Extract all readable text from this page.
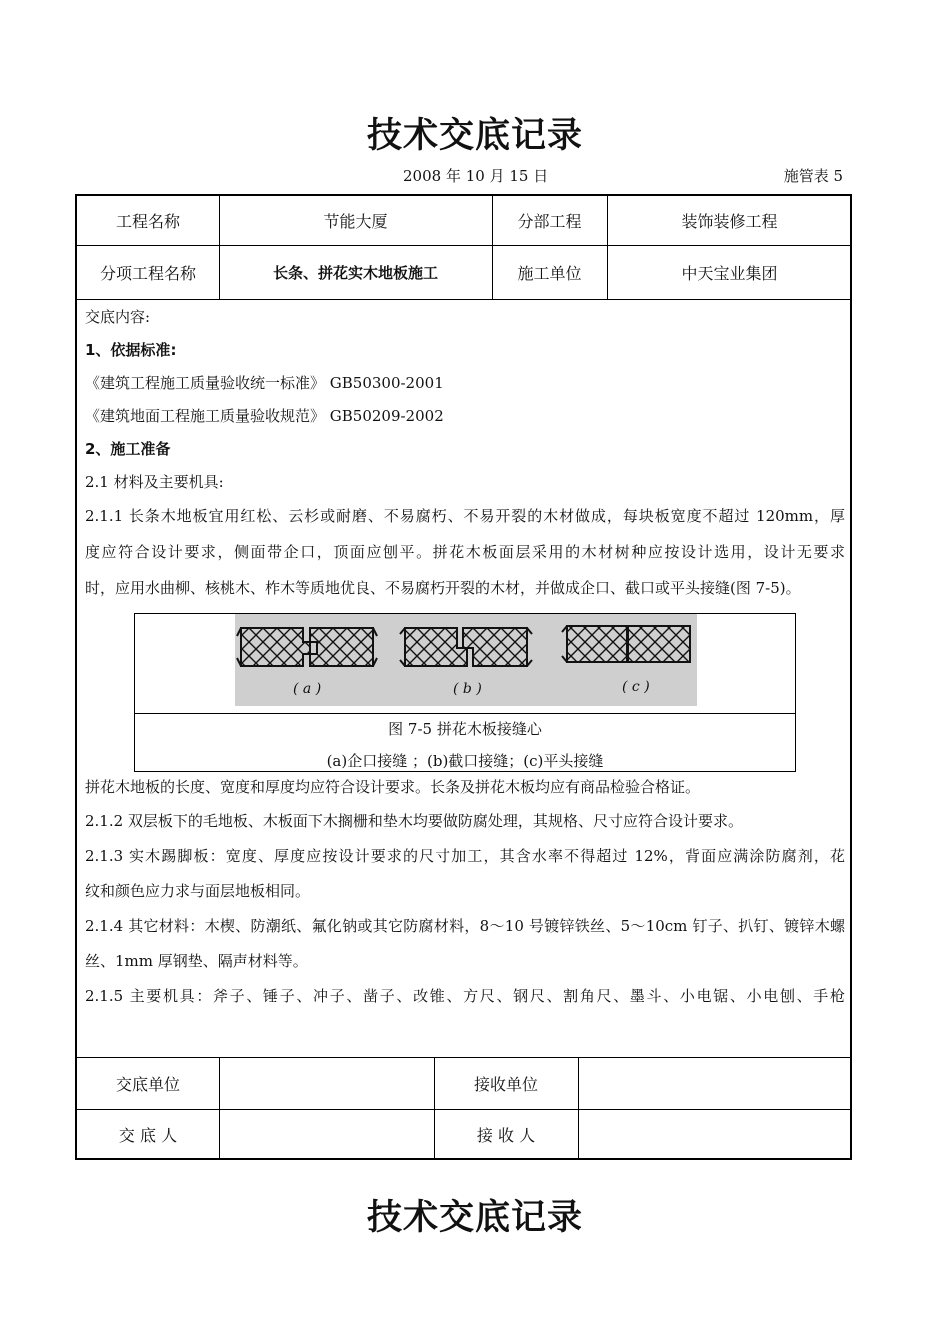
技术交底记录
2008 年 10 月 15 日	施管表 5
工程名称	节能大厦	分部工程	装饰装修工程
分项工程名称	长条、拼花实木地板施工	施工单位	中天宝业集团
交底内容:
1、依据标准:
《建筑工程施工质量验收统一标准》 GB50300-2001
《建筑地面工程施工质量验收规范》 GB50209-2002
2、施工准备
2.1 材料及主要机具:
2.1.1 长条木地板宜用红松、云杉或耐磨、不易腐朽、不易开裂的木材做成，每块板宽度不超过 120mm，厚
度应符合设计要求，侧面带企口，顶面应刨平。拼花木板面层采用的木材树种应按设计选用，设计无要求
时，应用水曲柳、核桃木、柞木等质地优良、不易腐朽开裂的木材，并做成企口、截口或平头接缝(图 7-5)。
( a )	( b )	( c )
图 7-5 拼花木板接缝心
(a)企口接缝 ；(b)截口接缝；(c)平头接缝
拼花木地板的长度、宽度和厚度均应符合设计要求。长条及拼花木板均应有商品检验合格证。
2.1.2 双层板下的毛地板、木板面下木搁栅和垫木均要做防腐处理，其规格、尺寸应符合设计要求。
2.1.3 实木踢脚板：宽度、厚度应按设计要求的尺寸加工，其含水率不得超过 12%，背面应满涂防腐剂，花
纹和颜色应力求与面层地板相同。
2.1.4 其它材料：木楔、防潮纸、氟化钠或其它防腐材料，8～10 号镀锌铁丝、5～10cm 钉子、扒钉、镀锌木螺
丝、1mm 厚钢垫、隔声材料等。
2.1.5 主要机具：斧子、锤子、冲子、凿子、改锥、方尺、钢尺、割角尺、墨斗、小电锯、小电刨、手枪
交底单位	接收单位
交 底 人	接 收 人
技术交底记录
